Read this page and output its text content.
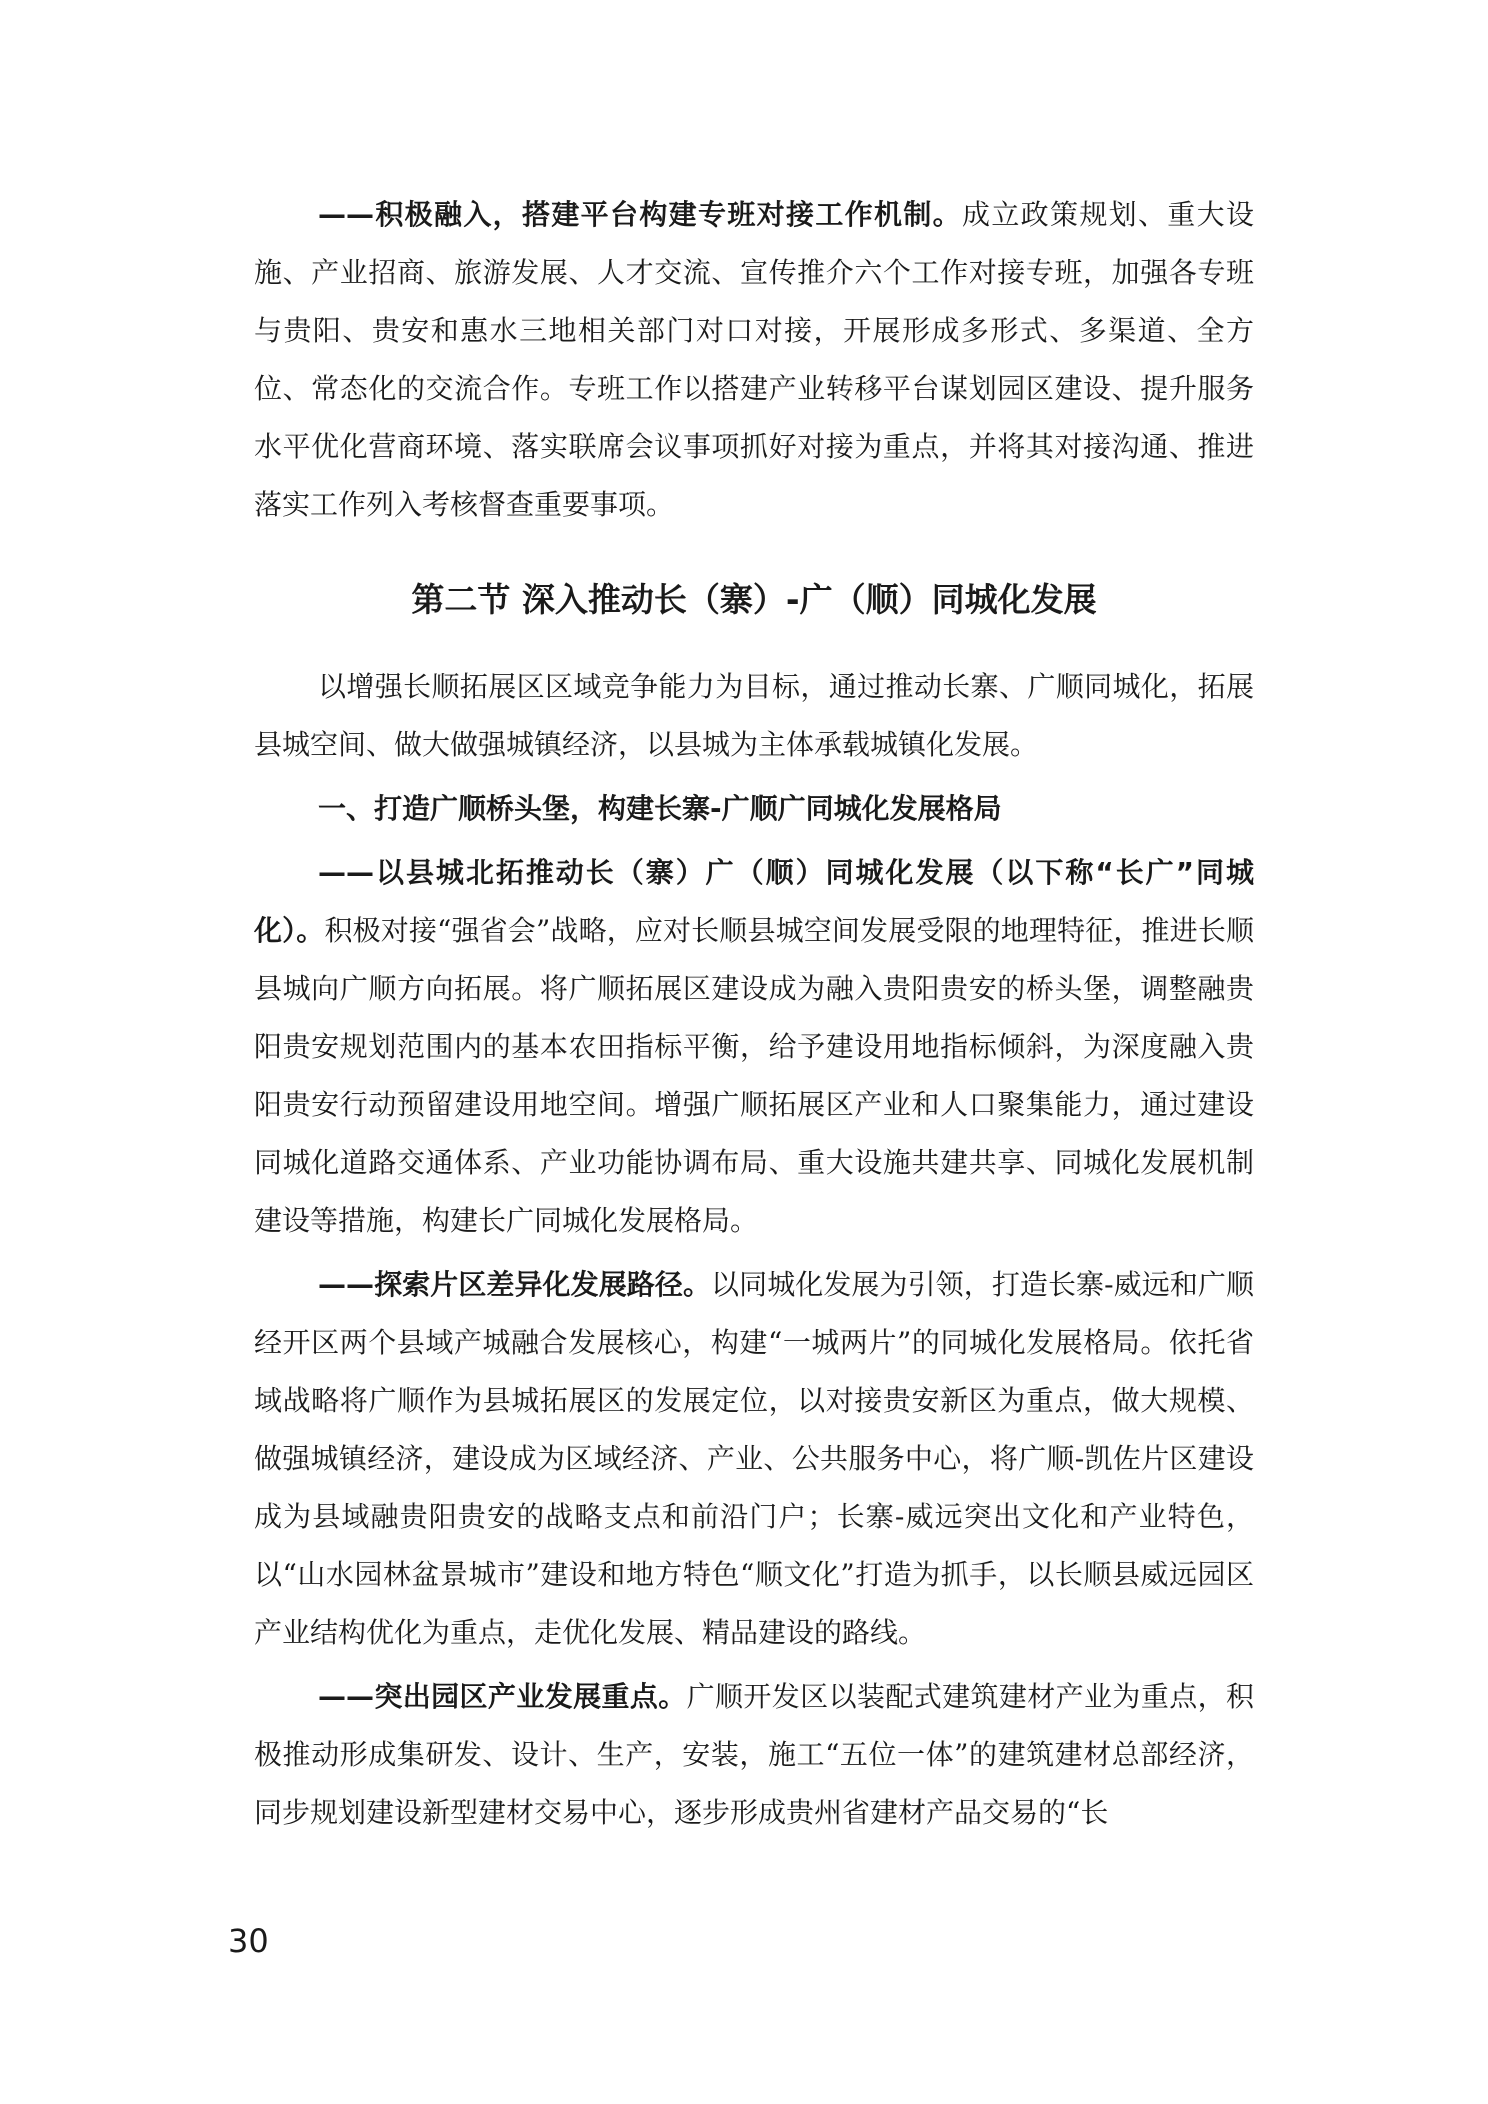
——积极融入，搭建平台构建专班对接工作机制。成立政策规划、重大设施、产业招商、旅游发展、人才交流、宣传推介六个工作对接专班，加强各专班与贵阳、贵安和惠水三地相关部门对口对接，开展形成多形式、多渠道、全方位、常态化的交流合作。专班工作以搭建产业转移平台谋划园区建设、提升服务水平优化营商环境、落实联席会议事项抓好对接为重点，并将其对接沟通、推进落实工作列入考核督查重要事项。

第二节 深入推动长（寨）-广（顺）同城化发展

以增强长顺拓展区区域竞争能力为目标，通过推动长寨、广顺同城化，拓展县城空间、做大做强城镇经济，以县城为主体承载城镇化发展。

一、打造广顺桥头堡，构建长寨-广顺广同城化发展格局

——以县城北拓推动长（寨）广（顺）同城化发展（以下称“长广”同城化）。积极对接“强省会”战略，应对长顺县城空间发展受限的地理特征，推进长顺县城向广顺方向拓展。将广顺拓展区建设成为融入贵阳贵安的桥头堡，调整融贵阳贵安规划范围内的基本农田指标平衡，给予建设用地指标倾斜，为深度融入贵阳贵安行动预留建设用地空间。增强广顺拓展区产业和人口聚集能力，通过建设同城化道路交通体系、产业功能协调布局、重大设施共建共享、同城化发展机制建设等措施，构建长广同城化发展格局。

——探索片区差异化发展路径。以同城化发展为引领，打造长寨-威远和广顺经开区两个县域产城融合发展核心，构建“一城两片”的同城化发展格局。依托省域战略将广顺作为县城拓展区的发展定位，以对接贵安新区为重点，做大规模、做强城镇经济，建设成为区域经济、产业、公共服务中心，将广顺-凯佐片区建设成为县域融贵阳贵安的战略支点和前沿门户；长寨-威远突出文化和产业特色，以“山水园林盆景城市”建设和地方特色“顺文化”打造为抓手，以长顺县威远园区产业结构优化为重点，走优化发展、精品建设的路线。

——突出园区产业发展重点。广顺开发区以装配式建筑建材产业为重点，积极推动形成集研发、设计、生产，安装，施工“五位一体”的建筑建材总部经济，同步规划建设新型建材交易中心，逐步形成贵州省建材产品交易的“长

30
